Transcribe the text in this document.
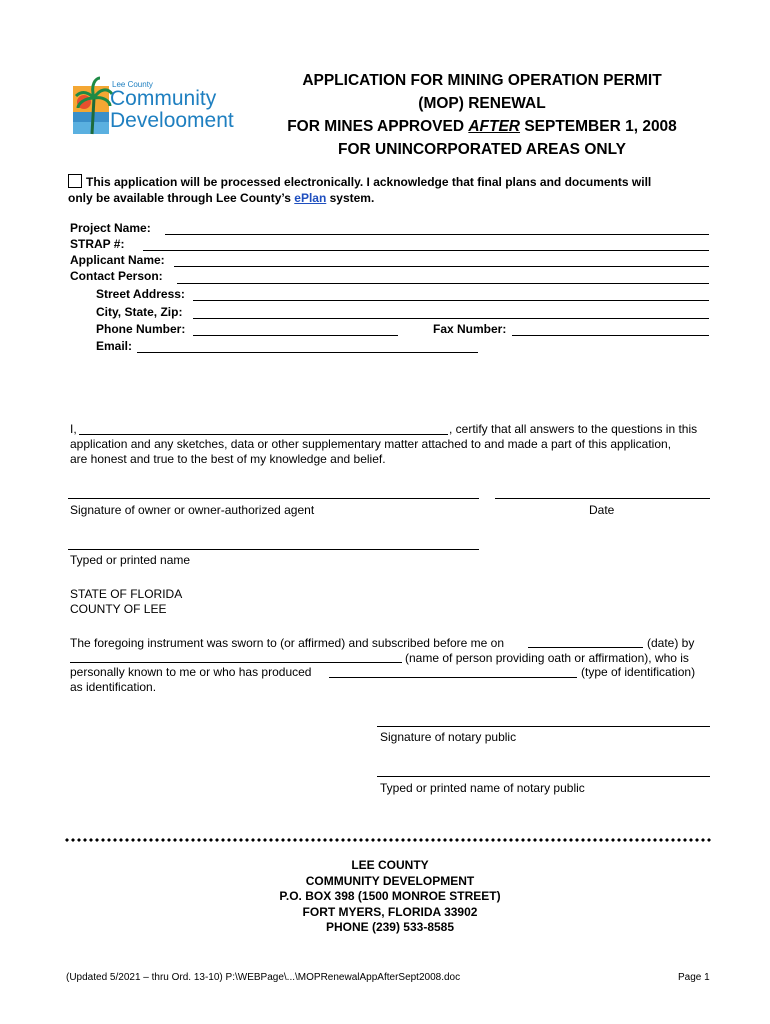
Lee County
Community
Develooment
APPLICATION FOR MINING OPERATION PERMIT
(MOP) RENEWAL
FOR MINES APPROVED AFTER SEPTEMBER 1, 2008
FOR UNINCORPORATED AREAS ONLY
This application will be processed electronically. I acknowledge that final plans and documents will
only be available through Lee County’s ePlan system.
Project Name:
STRAP #:
Applicant Name:
Contact Person:
Street Address:
City, State, Zip:
Phone Number:	Fax Number:
Email:
I,	, certify that all answers to the questions in this
application and any sketches, data or other supplementary matter attached to and made a part of this application,
are honest and true to the best of my knowledge and belief.
Signature of owner or owner-authorized agent	Date
Typed or printed name
STATE OF FLORIDA
COUNTY OF LEE
The foregoing instrument was sworn to (or affirmed) and subscribed before me on	(date) by
(name of person providing oath or affirmation), who is
personally known to me or who has produced	(type of identification)
as identification.
Signature of notary public
Typed or printed name of notary public
LEE COUNTY
COMMUNITY DEVELOPMENT
P.O. BOX 398 (1500 MONROE STREET)
FORT MYERS, FLORIDA 33902
PHONE (239) 533-8585
(Updated 5/2021 – thru Ord. 13-10) P:\WEBPage\...\MOPRenewalAppAfterSept2008.doc	Page 1
